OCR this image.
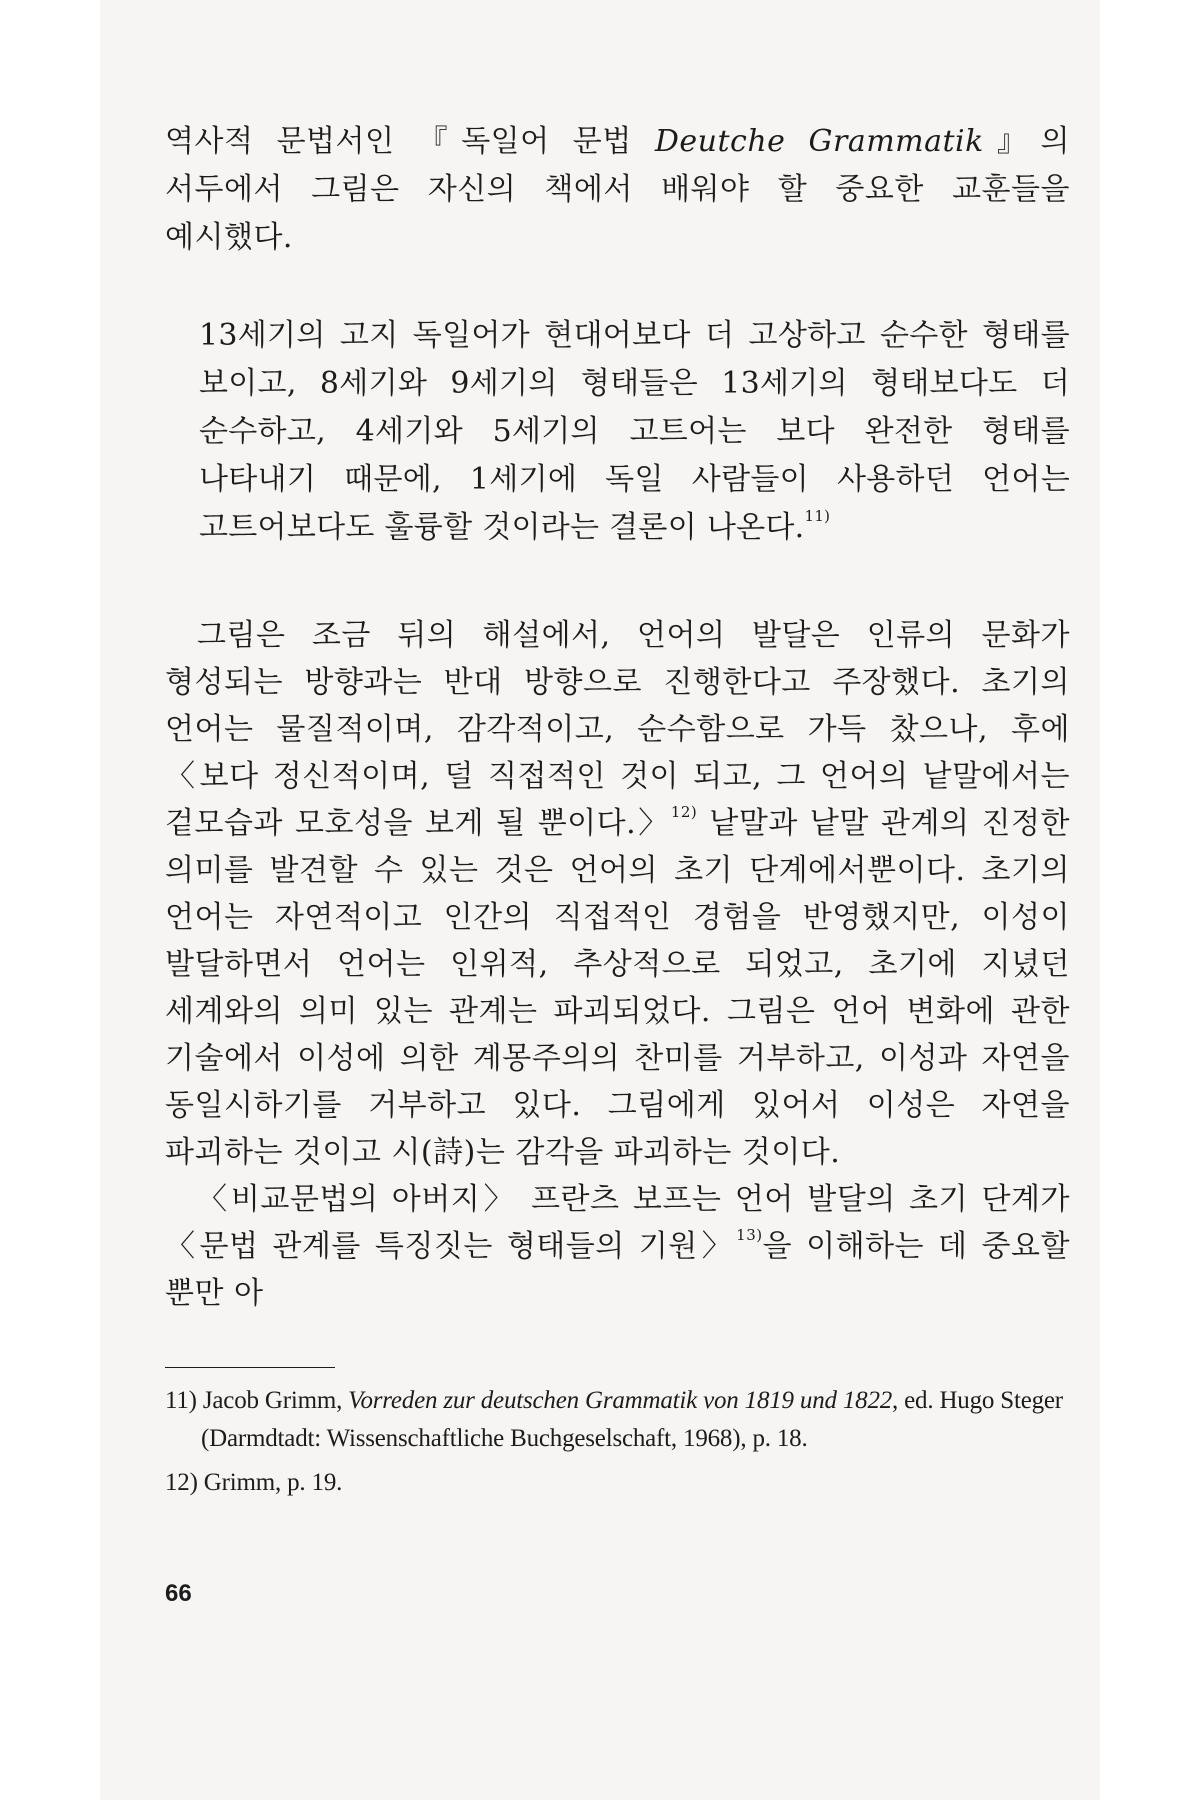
역사적 문법서인 『독일어 문법 Deutche Grammatik』의 서두에서 그림은 자신의 책에서 배워야 할 중요한 교훈들을 예시했다.

13세기의 고지 독일어가 현대어보다 더 고상하고 순수한 형태를 보이고, 8세기와 9세기의 형태들은 13세기의 형태보다도 더 순수하고, 4세기와 5세기의 고트어는 보다 완전한 형태를 나타내기 때문에, 1세기에 독일 사람들이 사용하던 언어는 고트어보다도 훌륭할 것이라는 결론이 나온다.$^{11)}$

그림은 조금 뒤의 해설에서, 언어의 발달은 인류의 문화가 형성되는 방향과는 반대 방향으로 진행한다고 주장했다. 초기의 언어는 물질적이며, 감각적이고, 순수함으로 가득 찼으나, 후에 〈보다 정신적이며, 덜 직접적인 것이 되고, 그 언어의 낱말에서는 겉모습과 모호성을 보게 될 뿐이다.〉$^{12)}$ 낱말과 낱말 관계의 진정한 의미를 발견할 수 있는 것은 언어의 초기 단계에서뿐이다. 초기의 언어는 자연적이고 인간의 직접적인 경험을 반영했지만, 이성이 발달하면서 언어는 인위적, 추상적으로 되었고, 초기에 지녔던 세계와의 의미 있는 관계는 파괴되었다. 그림은 언어 변화에 관한 기술에서 이성에 의한 계몽주의의 찬미를 거부하고, 이성과 자연을 동일시하기를 거부하고 있다. 그림에게 있어서 이성은 자연을 파괴하는 것이고 시(詩)는 감각을 파괴하는 것이다.

〈비교문법의 아버지〉 프란츠 보프는 언어 발달의 초기 단계가 〈문법 관계를 특징짓는 형태들의 기원〉$^{13)}$을 이해하는 데 중요할 뿐만 아

11) Jacob Grimm, Vorreden zur deutschen Grammatik von 1819 und 1822, ed. Hugo Steger (Darmdtadt: Wissenschaftliche Buchgeselschaft, 1968), p. 18.

12) Grimm, p. 19.

66
